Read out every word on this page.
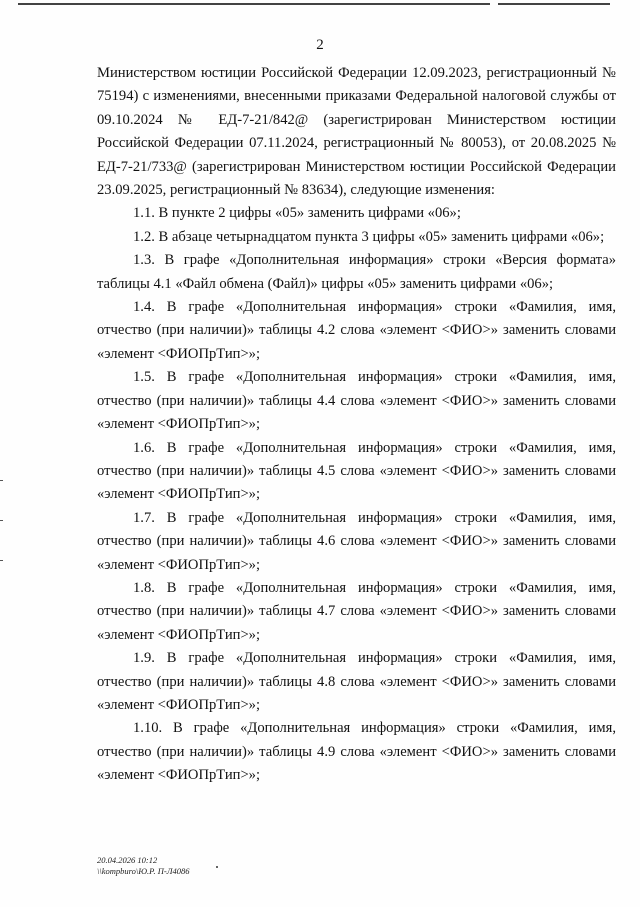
2

Министерством юстиции Российской Федерации 12.09.2023, регистрационный № 75194) с изменениями, внесенными приказами Федеральной налоговой службы от 09.10.2024 № ЕД-7-21/842@ (зарегистрирован Министерством юстиции Российской Федерации 07.11.2024, регистрационный № 80053), от 20.08.2025 № ЕД-7-21/733@ (зарегистрирован Министерством юстиции Российской Федерации 23.09.2025, регистрационный № 83634), следующие изменения:

1.1. В пункте 2 цифры «05» заменить цифрами «06»;

1.2. В абзаце четырнадцатом пункта 3 цифры «05» заменить цифрами «06»;

1.3. В графе «Дополнительная информация» строки «Версия формата» таблицы 4.1 «Файл обмена (Файл)» цифры «05» заменить цифрами «06»;

1.4. В графе «Дополнительная информация» строки «Фамилия, имя, отчество (при наличии)» таблицы 4.2 слова «элемент <ФИО>» заменить словами «элемент <ФИОПрТип>»;

1.5. В графе «Дополнительная информация» строки «Фамилия, имя, отчество (при наличии)» таблицы 4.4 слова «элемент <ФИО>» заменить словами «элемент <ФИОПрТип>»;

1.6. В графе «Дополнительная информация» строки «Фамилия, имя, отчество (при наличии)» таблицы 4.5 слова «элемент <ФИО>» заменить словами «элемент <ФИОПрТип>»;

1.7. В графе «Дополнительная информация» строки «Фамилия, имя, отчество (при наличии)» таблицы 4.6 слова «элемент <ФИО>» заменить словами «элемент <ФИОПрТип>»;

1.8. В графе «Дополнительная информация» строки «Фамилия, имя, отчество (при наличии)» таблицы 4.7 слова «элемент <ФИО>» заменить словами «элемент <ФИОПрТип>»;

1.9. В графе «Дополнительная информация» строки «Фамилия, имя, отчество (при наличии)» таблицы 4.8 слова «элемент <ФИО>» заменить словами «элемент <ФИОПрТип>»;

1.10. В графе «Дополнительная информация» строки «Фамилия, имя, отчество (при наличии)» таблицы 4.9 слова «элемент <ФИО>» заменить словами «элемент <ФИОПрТип>»;

20.04.2026 10:12
\\kompburo\Ю.Р. П-Л4086
